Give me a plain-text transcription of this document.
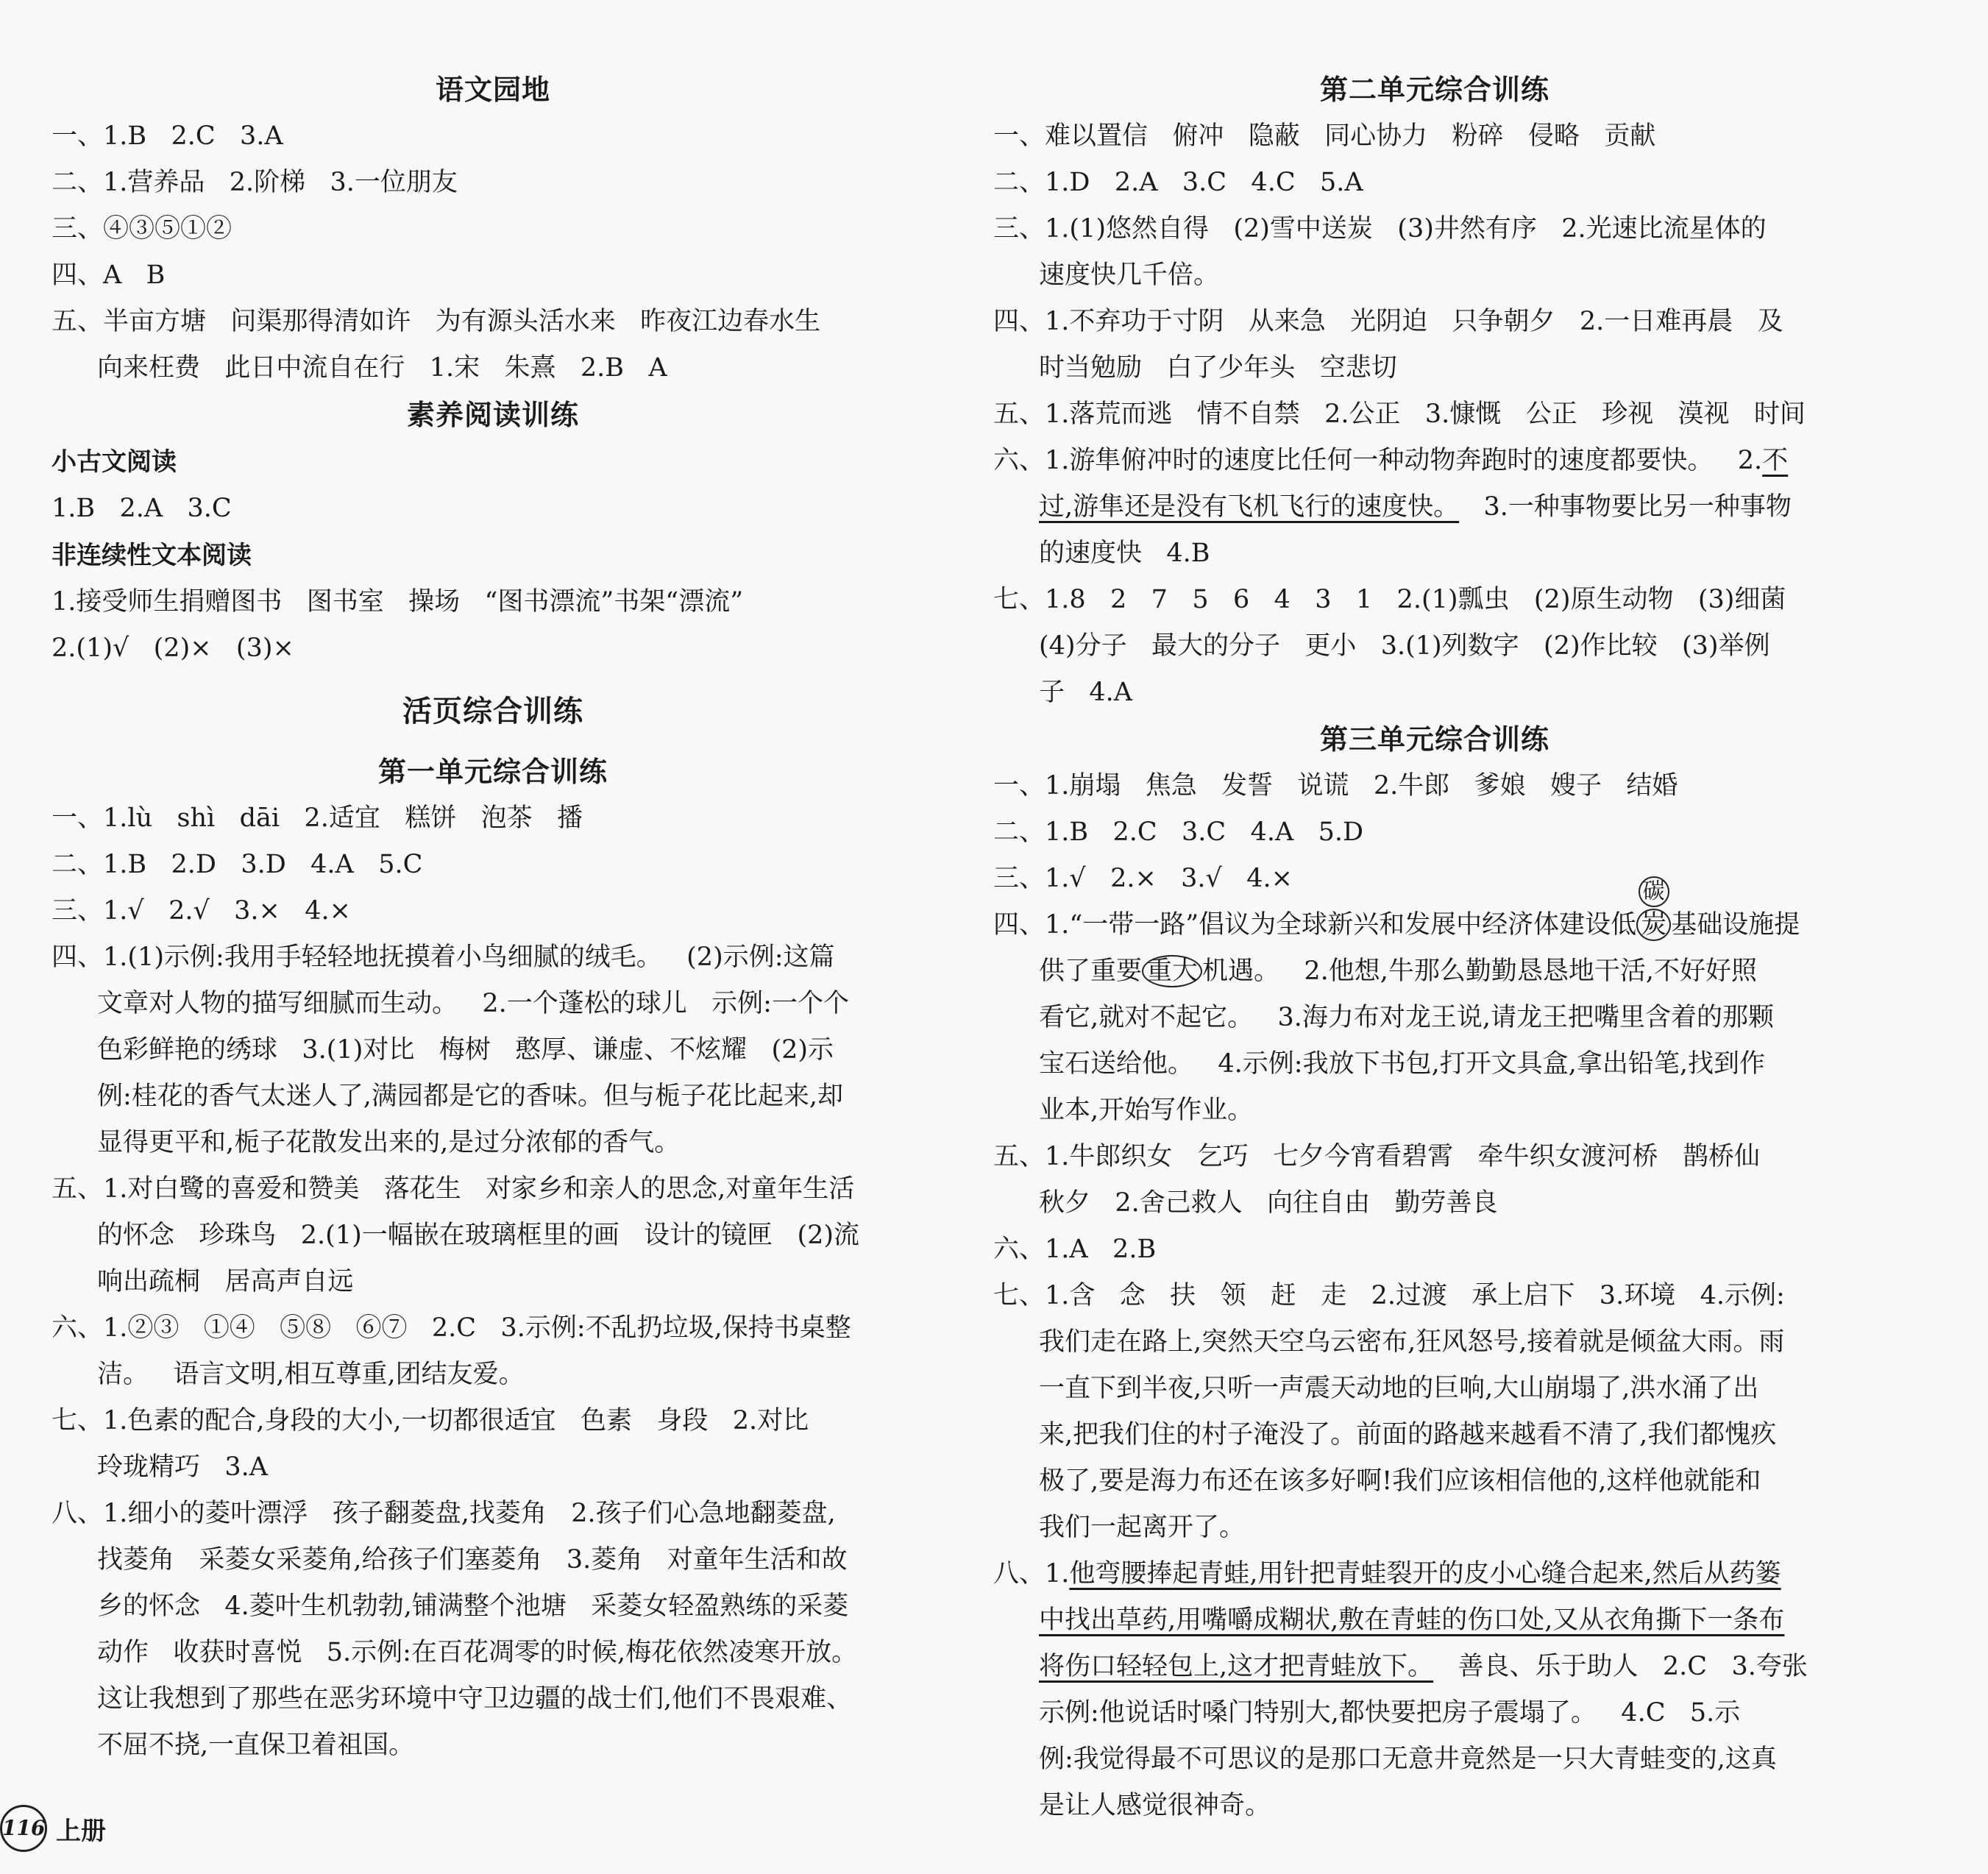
语文园地
一、1.B   2.C   3.A
二、1.营养品   2.阶梯   3.一位朋友
三、④③⑤①②
四、A   B
五、半亩方塘   问渠那得清如许   为有源头活水来   昨夜江边春水生
向来枉费   此日中流自在行   1.宋   朱熹   2.B   A
素养阅读训练
小古文阅读
1.B   2.A   3.C
非连续性文本阅读
1.接受师生捐赠图书   图书室   操场   “图书漂流”书架“漂流”
2.(1)√   (2)×   (3)×
活页综合训练
第一单元综合训练
一、1.lù   shì   dāi   2.适宜   糕饼   泡茶   播
二、1.B   2.D   3.D   4.A   5.C
三、1.√   2.√   3.×   4.×
四、1.(1)示例:我用手轻轻地抚摸着小鸟细腻的绒毛。   (2)示例:这篇
文章对人物的描写细腻而生动。   2.一个蓬松的球儿   示例:一个个
色彩鲜艳的绣球   3.(1)对比   梅树   憨厚、谦虚、不炫耀   (2)示
例:桂花的香气太迷人了,满园都是它的香味。但与栀子花比起来,却
显得更平和,栀子花散发出来的,是过分浓郁的香气。
五、1.对白鹭的喜爱和赞美   落花生   对家乡和亲人的思念,对童年生活
的怀念   珍珠鸟   2.(1)一幅嵌在玻璃框里的画   设计的镜匣   (2)流
响出疏桐   居高声自远
六、1.②③   ①④   ⑤⑧   ⑥⑦   2.C   3.示例:不乱扔垃圾,保持书桌整
洁。   语言文明,相互尊重,团结友爱。
七、1.色素的配合,身段的大小,一切都很适宜   色素   身段   2.对比
玲珑精巧   3.A
八、1.细小的菱叶漂浮   孩子翻菱盘,找菱角   2.孩子们心急地翻菱盘,
找菱角   采菱女采菱角,给孩子们塞菱角   3.菱角   对童年生活和故
乡的怀念   4.菱叶生机勃勃,铺满整个池塘   采菱女轻盈熟练的采菱
动作   收获时喜悦   5.示例:在百花凋零的时候,梅花依然凌寒开放。
这让我想到了那些在恶劣环境中守卫边疆的战士们,他们不畏艰难、
不屈不挠,一直保卫着祖国。
第二单元综合训练
一、难以置信   俯冲   隐蔽   同心协力   粉碎   侵略   贡献
二、1.D   2.A   3.C   4.C   5.A
三、1.(1)悠然自得   (2)雪中送炭   (3)井然有序   2.光速比流星体的
速度快几千倍。
四、1.不弃功于寸阴   从来急   光阴迫   只争朝夕   2.一日难再晨   及
时当勉励   白了少年头   空悲切
五、1.落荒而逃   情不自禁   2.公正   3.慷慨   公正   珍视   漠视   时间
六、1.游隼俯冲时的速度比任何一种动物奔跑时的速度都要快。   2.不
过,游隼还是没有飞机飞行的速度快。   3.一种事物要比另一种事物
的速度快   4.B
七、1.8   2   7   5   6   4   3   1   2.(1)瓢虫   (2)原生动物   (3)细菌
(4)分子   最大的分子   更小   3.(1)列数字   (2)作比较   (3)举例
子   4.A
第三单元综合训练
一、1.崩塌   焦急   发誓   说谎   2.牛郎   爹娘   嫂子   结婚
二、1.B   2.C   3.C   4.A   5.D
三、1.√   2.×   3.√   4.×
四、1.“一带一路”倡议为全球新兴和发展中经济体建设低 炭
碳
基础设施提
供了重要 重大 机遇。   2.他想,牛那么勤勤恳恳地干活,不好好照
看它,就对不起它。   3.海力布对龙王说,请龙王把嘴里含着的那颗
宝石送给他。   4.示例:我放下书包,打开文具盒,拿出铅笔,找到作
业本,开始写作业。
五、1.牛郎织女   乞巧   七夕今宵看碧霄   牵牛织女渡河桥   鹊桥仙
秋夕   2.舍己救人   向往自由   勤劳善良
六、1.A   2.B
七、1.含   念   扶   领   赶   走   2.过渡   承上启下   3.环境   4.示例:
我们走在路上,突然天空乌云密布,狂风怒号,接着就是倾盆大雨。雨
一直下到半夜,只听一声震天动地的巨响,大山崩塌了,洪水涌了出
来,把我们住的村子淹没了。前面的路越来越看不清了,我们都愧疚
极了,要是海力布还在该多好啊!我们应该相信他的,这样他就能和
我们一起离开了。
八、1.他弯腰捧起青蛙,用针把青蛙裂开的皮小心缝合起来,然后从药篓
中找出草药,用嘴嚼成糊状,敷在青蛙的伤口处,又从衣角撕下一条布
将伤口轻轻包上,这才把青蛙放下。   善良、乐于助人   2.C   3.夸张
示例:他说话时嗓门特别大,都快要把房子震塌了。   4.C   5.示
例:我觉得最不可思议的是那口无意井竟然是一只大青蛙变的,这真
是让人感觉很神奇。
116 上册
